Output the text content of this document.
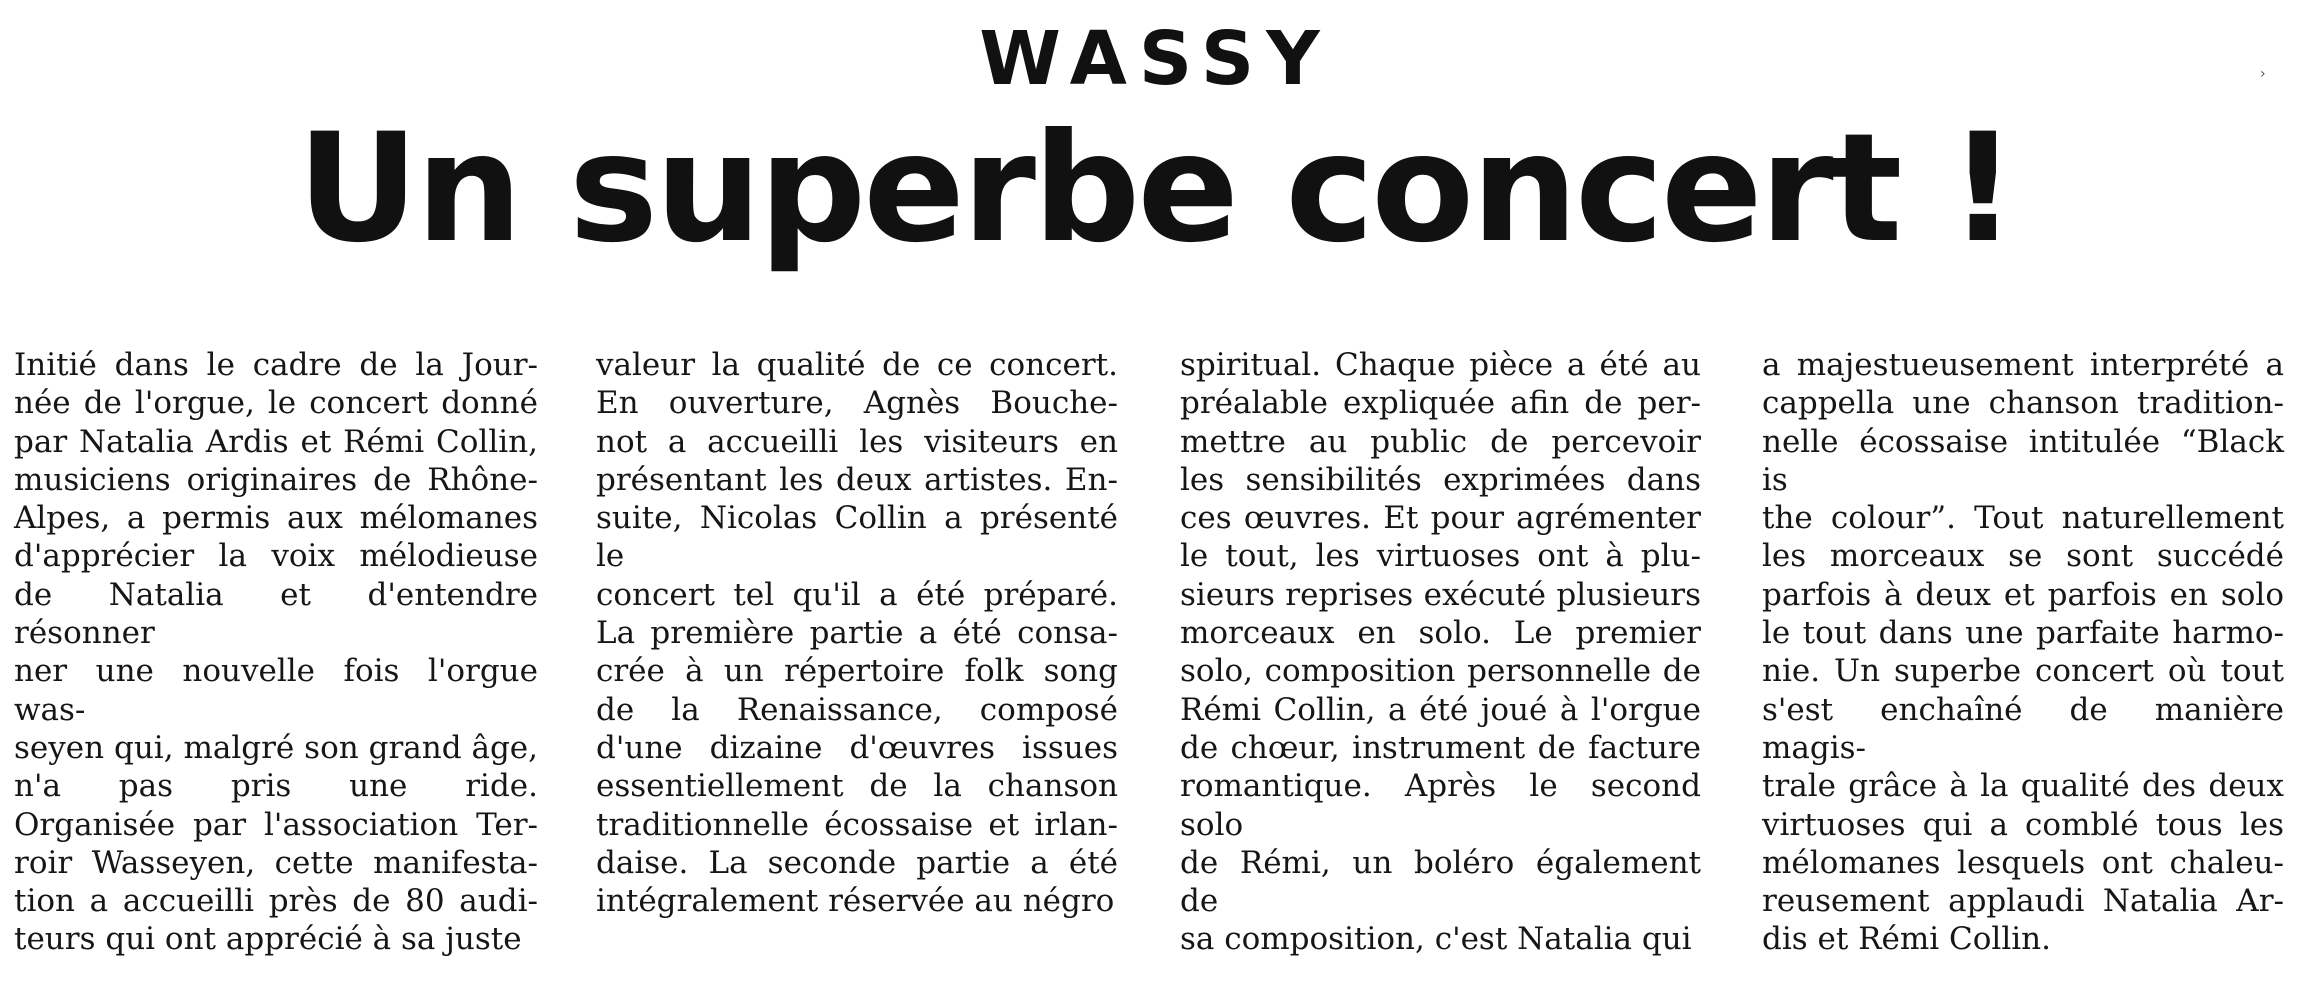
WASSY
Un superbe concert !
›
Initié dans le cadre de la Jour-
née de l'orgue, le concert donné
par Natalia Ardis et Rémi Collin,
musiciens originaires de Rhône-
Alpes, a permis aux mélomanes
d'apprécier la voix mélodieuse
de Natalia et d'entendre résonner
ner une nouvelle fois l'orgue was-
seyen qui, malgré son grand âge,
n'a pas pris une ride.
Organisée par l'association Ter-
roir Wasseyen, cette manifesta-
tion a accueilli près de 80 audi-
teurs qui ont apprécié à sa juste
valeur la qualité de ce concert.
En ouverture, Agnès Bouche-
not a accueilli les visiteurs en
présentant les deux artistes. En-
suite, Nicolas Collin a présenté le
concert tel qu'il a été préparé.
La première partie a été consa-
crée à un répertoire folk song
de la Renaissance, composé
d'une dizaine d'œuvres issues
essentiellement de la chanson
traditionnelle écossaise et irlan-
daise. La seconde partie a été
intégralement réservée au négro
spiritual. Chaque pièce a été au
préalable expliquée afin de per-
mettre au public de percevoir
les sensibilités exprimées dans
ces œuvres. Et pour agrémenter
le tout, les virtuoses ont à plu-
sieurs reprises exécuté plusieurs
morceaux en solo. Le premier
solo, composition personnelle de
Rémi Collin, a été joué à l'orgue
de chœur, instrument de facture
romantique. Après le second solo
de Rémi, un boléro également de
sa composition, c'est Natalia qui
a majestueusement interprété a
cappella une chanson tradition-
nelle écossaise intitulée “Black is
the colour”. Tout naturellement
les morceaux se sont succédé
parfois à deux et parfois en solo
le tout dans une parfaite harmo-
nie. Un superbe concert où tout
s'est enchaîné de manière magis-
trale grâce à la qualité des deux
virtuoses qui a comblé tous les
mélomanes lesquels ont chaleu-
reusement applaudi Natalia Ar-
dis et Rémi Collin.
